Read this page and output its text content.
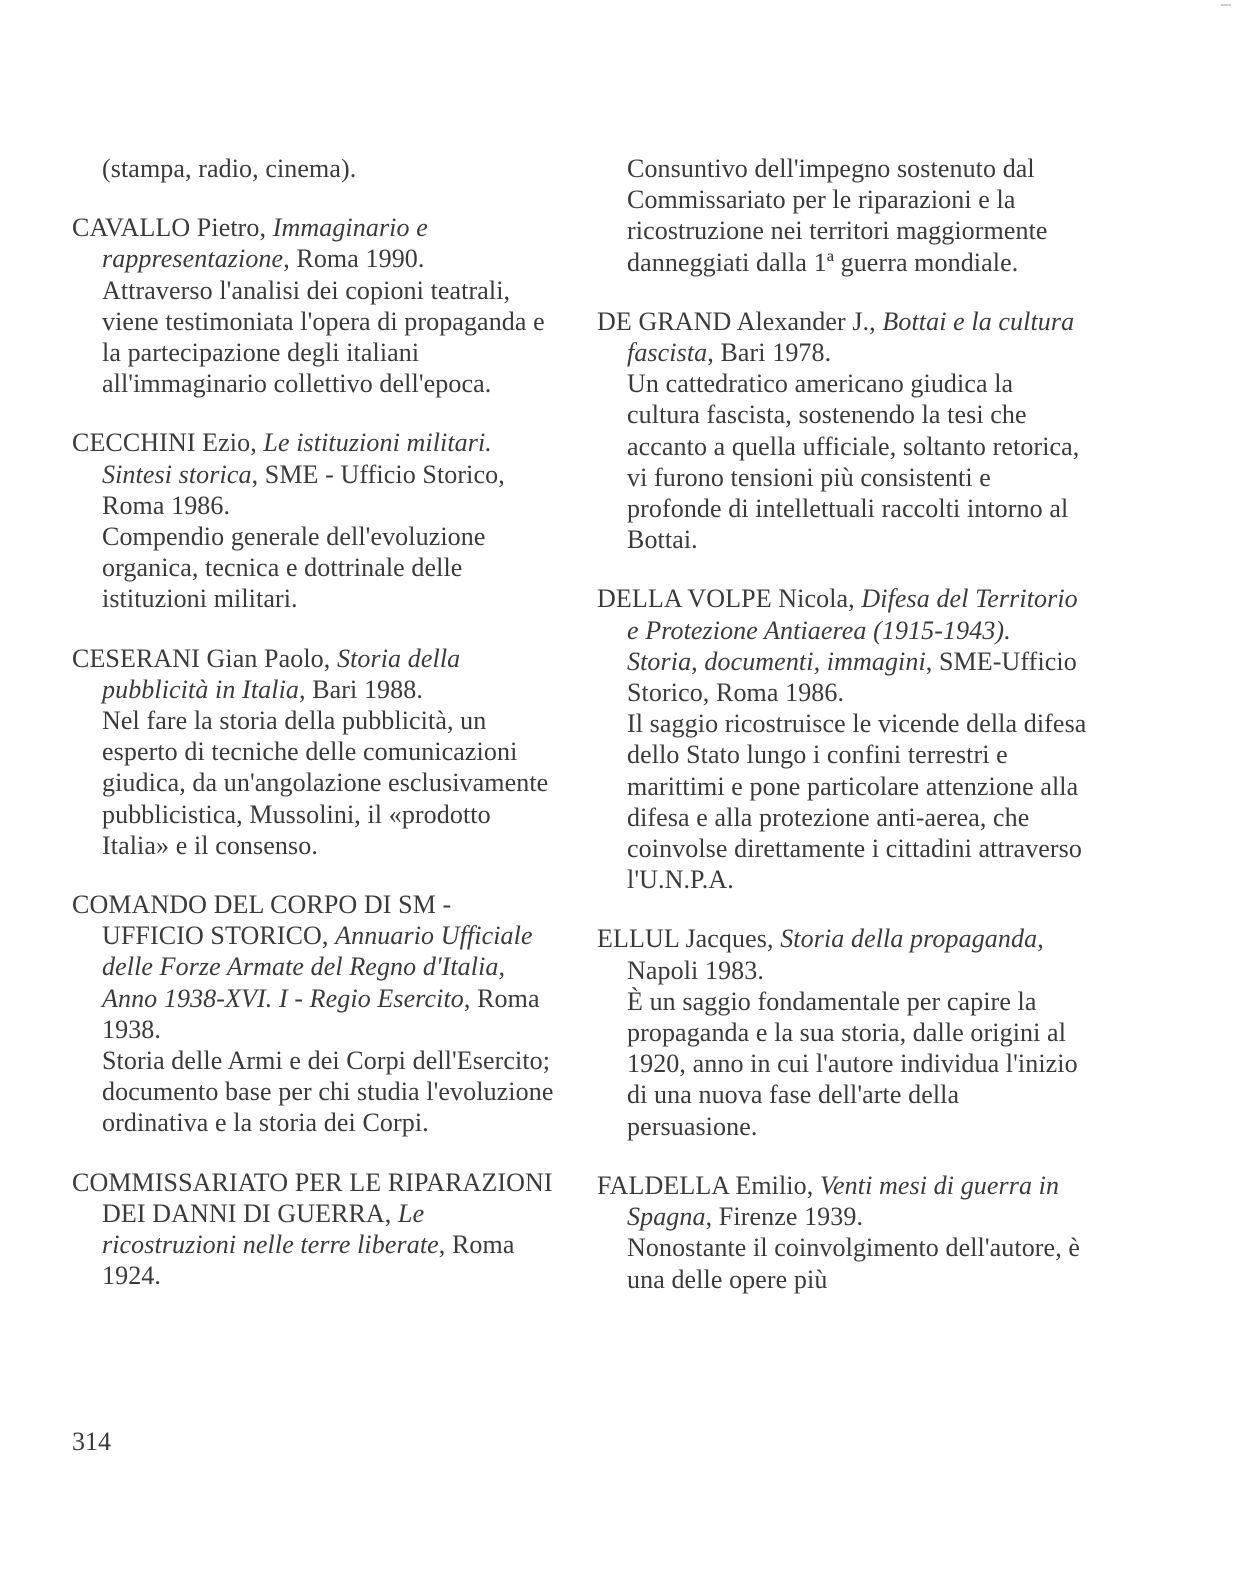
(stampa, radio, cinema).

CAVALLO Pietro, Immaginario e rappresentazione, Roma 1990.
Attraverso l'analisi dei copioni teatrali, viene testimoniata l'opera di propaganda e la partecipazione degli italiani all'immaginario collettivo dell'epoca.

CECCHINI Ezio, Le istituzioni militari. Sintesi storica, SME - Ufficio Storico, Roma 1986.
Compendio generale dell'evoluzione organica, tecnica e dottrinale delle istituzioni militari.

CESERANI Gian Paolo, Storia della pubblicità in Italia, Bari 1988.
Nel fare la storia della pubblicità, un esperto di tecniche delle comunicazioni giudica, da un'angolazione esclusivamente pubblicistica, Mussolini, il «prodotto Italia» e il consenso.

COMANDO DEL CORPO DI SM - UFFICIO STORICO, Annuario Ufficiale delle Forze Armate del Regno d'Italia, Anno 1938-XVI. I - Regio Esercito, Roma 1938.
Storia delle Armi e dei Corpi dell'Esercito; documento base per chi studia l'evoluzione ordinativa e la storia dei Corpi.

COMMISSARIATO PER LE RIPARAZIONI DEI DANNI DI GUERRA, Le ricostruzioni nelle terre liberate, Roma 1924.

Consuntivo dell'impegno sostenuto dal Commissariato per le riparazioni e la ricostruzione nei territori maggiormente danneggiati dalla 1ª guerra mondiale.

DE GRAND Alexander J., Bottai e la cultura fascista, Bari 1978.
Un cattedratico americano giudica la cultura fascista, sostenendo la tesi che accanto a quella ufficiale, soltanto retorica, vi furono tensioni più consistenti e profonde di intellettuali raccolti intorno al Bottai.

DELLA VOLPE Nicola, Difesa del Territorio e Protezione Antiaerea (1915-1943). Storia, documenti, immagini, SME-Ufficio Storico, Roma 1986.
Il saggio ricostruisce le vicende della difesa dello Stato lungo i confini terrestri e marittimi e pone particolare attenzione alla difesa e alla protezione anti-aerea, che coinvolse direttamente i cittadini attraverso l'U.N.P.A.

ELLUL Jacques, Storia della propaganda, Napoli 1983.
È un saggio fondamentale per capire la propaganda e la sua storia, dalle origini al 1920, anno in cui l'autore individua l'inizio di una nuova fase dell'arte della persuasione.

FALDELLA Emilio, Venti mesi di guerra in Spagna, Firenze 1939.
Nonostante il coinvolgimento dell'autore, è una delle opere più

314
